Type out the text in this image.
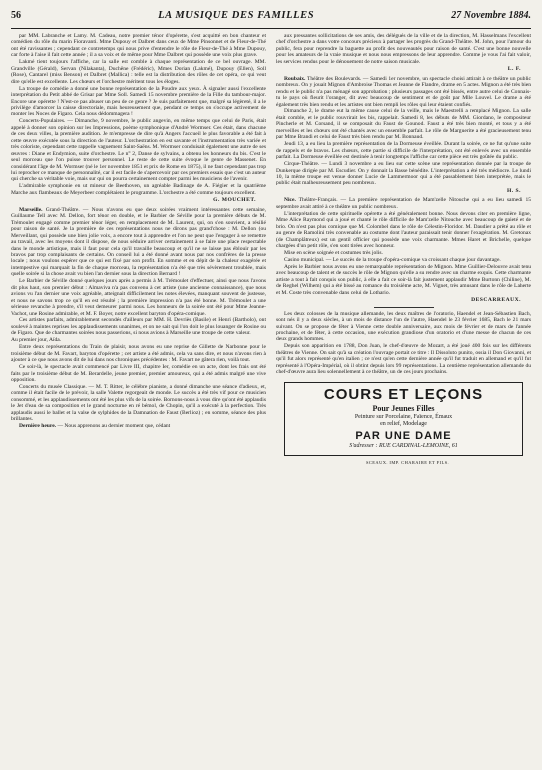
56	LA MUSIQUE DES FAMILLES	27 Novembre 1884.

par MM. Labranche et Lamy. M. Cadeau, notre premier ténor d'opérette, s'est acquitté en bon chanteur et comédien du rôle du marin Fioravanti. Mme Dupouy et Dalbret dans ceux de Mme Pinsonnet et de Fleur-de-Thé ont été ravissantes ; cependant ce contretemps qui nous prive d'entendre le rôle de Fleur-de-Thé à Mme Dupouy, car forte à l'aise il fait cette année ; il a sa voix et de même pour Mme Dalbret qui possède une voix plus grave.

Lakmé tient toujours l'affiche, car la salle est comble à chaque représentation de ce bel ouvrage. MM. Grandville (Gérald), Servan (Nilakanta), Duchêne (Frédéric), Mmes Dorian (Lakmé), Dupouy (Ellen), Soll (Rose), Cantarel (miss Benson) et Dalbret (Mallica) : telle est la distribution des rôles de cet opéra, ce qui veut dire qu'elle est excellente. Les chœurs et l'orchestre méritent tous les éloges.

La troupe de comédie a donné une bonne représentation de la Poudre aux yeux. À signaler aussi l'excellente interprétation du Petit abbé de Grisar par Mme Soll. Samedi 15 novembre première de la Fille du tambour-major. Encore une opérette ! N'est-ce pas abuser un peu de ce genre ? Je suis parfaitement que, malgré sa légèreté, il a le privilège d'amorcer la caisse directoriale, mais heureusement que, pendant ce temps on s'occupe activement de monter les Noces de Figaro. Cela nous dédommagera !

Concerts-Populaires. — Dimanche, 9 novembre, le public angevin, en même temps que celui de Paris, était appelé à donner son opinion sur les Impressions, poème symphonique d'André Wormser. Ces était, dans chacune de ces deux villes, la première audition. Je m'empresse de dire qu'à Angers l'accueil le plus favorable a été fait à cette œuvre exécutée sous la direction de l'auteur. L'orchestration en est savante et l'instrumentation très variée et très coloriste, cependant cette rappelle vaguement Saint-Saëns. M. Wormser conduisait également une autre de ses œuvres : Diane et Endymion, suite d'orchestre. Le n° 2, Danse de sylvains, a obtenu les honneurs du bis. C'est le seul morceau que l'on puisse trouver personnel. Le reste de cette suite évoque le genre de Massenet. En considérant l'âge de M. Wormser (né le 1er novembre 1851 et prix de Rome en 1875), il ne faut cependant pas trop lui reprocher ce manque de personnalité, car il est facile de s'apercevoir par ces premiers essais que c'est un auteur qui cherche sa véritable voie, mais sur qui on pourra certainement compter parmi les musiciens de l'avenir.

L'admirable symphonie en ut mineur de Beethoven, un agréable Badinage de A. Fiégier et la quatrième Marche aux flambeaux de Meyerbeer complétaient le programme. L'orchestre a été comme toujours excellent.

G. MOUCHET.

Marseille. Grand-Théâtre. — Nous n'avons eu que deux soirées vraiment intéressantes cette semaine, Guillaume Tell avec M. Dellon, fort ténor en double, et le Barbier de Séville pour la première débuts de M. Trémoulet engagé comme premier ténor léger, en remplacement de M. Laurent, qui, on s'en souvient, a résilié pour raison de santé. Je la première de ces représentations nous ne dirons pas grand'chose : M. Dellon (ou Merveillant, qui possède une bien jolie voix, a encore tout à apprendre et l'on ne peut que l'engager à se remettre au travail, avec les moyens dont il dispose, de nous séduire arriver certainement à se faire une place respectable dans le monde artistique, mais il faut pour cela qu'il travaille beaucoup et qu'il ne se laisse pas éblouir par les bravos par trop complaisants de certains. On conseil lui a été donné avant nous par nos confrères de la presse locale ; nous voulons espérer que ce qui est fixé par son profit. En somme et en dépit de la chaleur exagérée et intempestive qui marquait la fin de chaque morceau, la représentation n'a été que très sévèrement troublée, mais quelle soirée si la chose avait vu bien l'an dernier sous la direction Bernard !

Le Barbier de Séville donné quelques jours après a permis à M. Trémoulet d'effectuer, ainsi que nous l'avons dit plus haut, son premier début : Almaviva n'a pas convenu à cet artiste (une ancienne connaissance), que nous avions vu l'an dernier une voix agréable, atteignait difficilement les notes élevées, manquant souvent de justesse, et nous ne savons trop ce qu'il en est résulté ; la première impression n'a pas été bonne. M. Trémoulet a une sérieuse revanche à prendre, s'il veut demeurer parmi nous. Les honneurs de la soirée ont été pour Mme Jeanne-Vachot, une Rosine admirable, et M. F. Boyer, notre excellent baryton d'opéra-comique.

Ces artistes parfaits, admirablement secondés d'ailleurs par MM. H. Devriès (Basile) et Henri (Bartholo), ont soulevé à maintes reprises les applaudissements unanimes, et on ne sait qui l'on doit le plus louanger de Rosine ou de Figaro. Que de charmantes soirées nous passerions, si nous avions à Marseille une troupe de cette valeur.

Au premier jour, Aïda.

Entre deux représentations du Train de plaisir, nous avons eu une reprise de Gillette de Narbonne pour le troisième début de M. Favart, baryton d'opérette ; cet artiste a été admis, cela va sans dire, et nous n'avons rien à ajouter à ce que nous avons dit de lui dans nos chroniques précédentes : M. Favart ne gâtera rien, voilà tout.

Ce soir-là, le spectacle avait commencé par Livre III, chapitre Ier, comédie en un acte, dont les frais ont été faits par le troisième début de M. Berardelle, jeune premier, premier amoureux, qui a été admis malgré une vive opposition.

Concerts du musée Classique. — M. T. Ritter, le célèbre pianiste, a donné dimanche une séance d'adieux, et, comme il était facile de le prévoir, la salle Valette regorgeait de monde. Le succès a été très vif pour ce musicien consommé, et les applaudissements ont été les plus vifs de la soirée. Bornons-nous à vous dire qu'ont été applaudis le Jet d'eau de sa composition et le grand nocturne en ré bémol, de Chopin, qu'il a exécuté à la perfection. Très applaudis aussi le ballet et la valse de sylphides de la Damnation de Faust (Berlioz) ; en somme, séance des plus brillantes.

Dernière heure. — Nous apprenons au dernier moment que, cédant

aux pressantes sollicitations de ses amis, des délégués de la ville et de la direction, M. Hasselmans l'excellent chef d'orchestre a dans votre concours précieux à partager les progrès du Grand-Théâtre. M. John, pour l'amour du public, fera pour reprendre la baguette au profit des nouveautés pour raison de santé. C'est une bonne nouvelle pour les amateurs de la vraie musique et nous nous empressons de leur apprendre. Comme je vous l'ai fait valoir, les services rendus pour le dénouement de notre saison musicale.

L. F.

Roubaix. Théâtre des Boulevards. — Samedi 1er novembre, un spectacle choisi attirait à ce théâtre un public nombreux. On y jouait Mignon d'Ambroise Thomas et Jeanne de Flandre, drame en 5 actes. Mignon a été très bien rendu et le public n'a pas ménagé son approbation ; plusieurs passages ont été bissés, entre autre celui de Connais-tu le pays où fleurit l'oranger, dit avec beaucoup de sentiment et de goût par Mlle Louvel. Le drame a été également très bien rendu et les artistes ont bien rempli les rôles qui leur étaient confiés.

Dimanche 2, le drame eut la même cause celui de la veille, mais le Maestrelli a remplacé Mignon. La salle était comble, et le public rouvrirait les bis, rappelait. Samedi 8, les débuts de MM. Giordano, le compositeur Pincherle et M. Corsand, il se composait du Faust de Gounod. Faust a été très bien monté, et tous y a été merveilles et les chœurs ont été chantés avec un ensemble parfait. Le rôle de Marguerite a été gracieusement tenu par Mme Brandi et celui de Faust très bien rendu par M. Bonnaud.

Jeudi 13, a eu lieu la première représentation de la Dormeuse éveillée. Durant la soirée, ce ne fut qu'une suite de rappels et de bravos. Les chœurs, cette partie si difficile de l'interprétation, ont été enlevés avec un ensemble parfait. La Dormeuse éveillée est destinée à tenir longtemps l'affiche car cette pièce est très goûtée du public.

Cirque-Théâtre. — Lundi 3 novembre a eu lieu sur cette scène une représentation donnée par la troupe de Dunkerque dirigée par M. Escudier. On y donnait la Basse bénédite. L'interprétation a été très médiocre. Le lundi 10, la même troupe est venue donner Lucie de Lammermoor qui a été passablement bien interprétée, mais le public était malheureusement peu nombreux.

H. S.

Nice. Théâtre-Français. — La première représentation de Mam'zelle Nitouche qui a eu lieu samedi 15 septembre avait attiré à ce théâtre un public nombreux.

L'interprétation de cette spirituelle opérette a été généralement bonne. Nous devons citer en première ligne, Mme Alice Raymond qui a joué et chanté le rôle difficile de Mam'zelle Nitouche avec beaucoup de gaieté et de brio. On n'est pas plus comique que M. Colombel dans le rôle de Célestin-Floridor. M. Daudier a prêté au rôle et au genre de Ramolini très convenable au costume dont l'auteur paraissait tenir donner l'exagération. M. Gretonax (de Champlâtreux) est un gentil officier qui possède une voix charmante. Mmes Haret et Brichelle, quelque chargées d'un petit rôle, s'en sont tirées avec honneur.

Mise en scène soignée et costumes très jolis.

Casino municipal. — Le succès de la troupe d'opéra-comique va croissant chaque jour davantage.

Après le Barbier nous avons eu une remarquable représentation de Mignon. Mme Guillier-Delouvre avait tenu avec beaucoup de talent et de succès le rôle de Mignon qu'elle a su rendre avec un charme exquis. Cette charmante artiste a tout à fait conquis son public, à elle a fait ce soir-là fait justement applaudir Mme Burtonn (Chiline), M. de Reghel (Wilhem) qui a été bissé au romance du troisième acte, M. Vignet, très amusant dans le rôle de Laherte et M. Coste très convenable dans celui de Lothario.

DESCARREAUX.

Les deux colosses de la musique allemande, les deux maîtres de l'oratorio, Haendel et Jean-Sébastien Bach, sont nés il y a deux siècles, à un mois de distance l'un de l'autre, Haendel le 23 février 1685, Bach le 21 mars suivant. On se propose de fêter à Vienne cette double anniversaire, aux mois de février et de mars de l'année prochaine, et de fêter, à cette occasion, une exécution grandiose d'un oratorio et d'une messe de chacun de ces deux grands hommes.

Depuis son apparition en 1788, Don Juan, le chef-d'œuvre de Mozart, a été joué 400 fois sur les différents théâtres de Vienne. On sait qu'à sa création l'ouvrage portait ce titre : Il Dissoluto punito, ossia il Don Giovanni, et qu'il fut alors représenté qu'en italien ; ce n'est qu'en cette dernière année qu'il fut traduit en allemand et qu'il fut représenté à l'Opéra-Impérial, où il obtint depuis lors 99 représentations. La centième représentation allemande du chef-d'œuvre aura lieu solennellement à ce théâtre, un de ces jours prochains.

COURS ET LEÇONS

Pour Jeunes Filles

Peinture sur Porcelaine, Faïence, Émaux

en relief, Modelage

PAR UNE DAME

S'adresser : RUE CARDINAL-LEMOINE, 61

SCEAUX. IMP. CHARAIRE ET FILS.
